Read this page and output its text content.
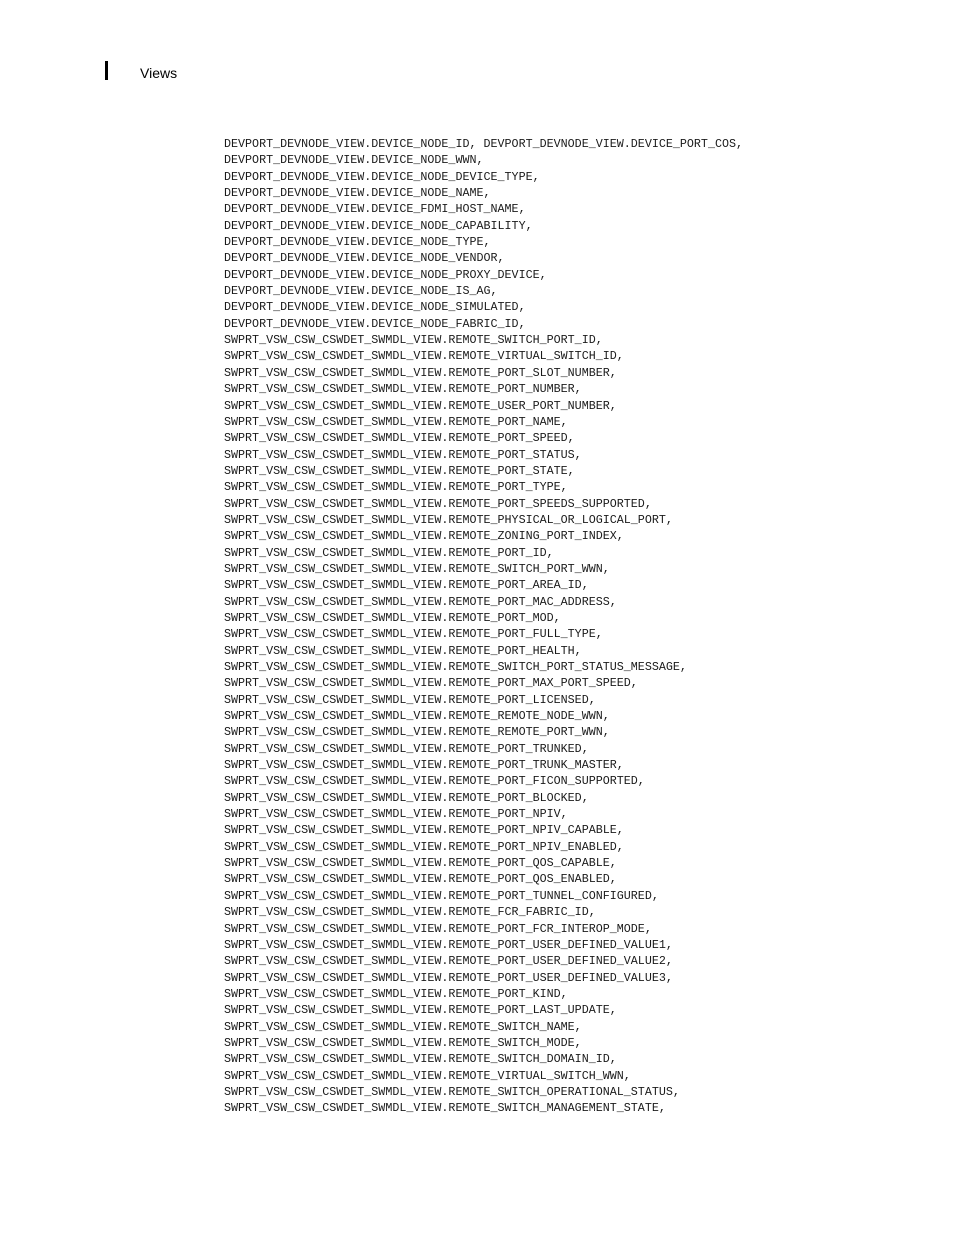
Views
DEVPORT_DEVNODE_VIEW.DEVICE_NODE_ID, DEVPORT_DEVNODE_VIEW.DEVICE_PORT_COS,
DEVPORT_DEVNODE_VIEW.DEVICE_NODE_WWN,
DEVPORT_DEVNODE_VIEW.DEVICE_NODE_DEVICE_TYPE,
DEVPORT_DEVNODE_VIEW.DEVICE_NODE_NAME,
DEVPORT_DEVNODE_VIEW.DEVICE_FDMI_HOST_NAME,
DEVPORT_DEVNODE_VIEW.DEVICE_NODE_CAPABILITY,
DEVPORT_DEVNODE_VIEW.DEVICE_NODE_TYPE,
DEVPORT_DEVNODE_VIEW.DEVICE_NODE_VENDOR,
DEVPORT_DEVNODE_VIEW.DEVICE_NODE_PROXY_DEVICE,
DEVPORT_DEVNODE_VIEW.DEVICE_NODE_IS_AG,
DEVPORT_DEVNODE_VIEW.DEVICE_NODE_SIMULATED,
DEVPORT_DEVNODE_VIEW.DEVICE_NODE_FABRIC_ID,
SWPRT_VSW_CSW_CSWDET_SWMDL_VIEW.REMOTE_SWITCH_PORT_ID,
SWPRT_VSW_CSW_CSWDET_SWMDL_VIEW.REMOTE_VIRTUAL_SWITCH_ID,
SWPRT_VSW_CSW_CSWDET_SWMDL_VIEW.REMOTE_PORT_SLOT_NUMBER,
SWPRT_VSW_CSW_CSWDET_SWMDL_VIEW.REMOTE_PORT_NUMBER,
SWPRT_VSW_CSW_CSWDET_SWMDL_VIEW.REMOTE_USER_PORT_NUMBER,
SWPRT_VSW_CSW_CSWDET_SWMDL_VIEW.REMOTE_PORT_NAME,
SWPRT_VSW_CSW_CSWDET_SWMDL_VIEW.REMOTE_PORT_SPEED,
SWPRT_VSW_CSW_CSWDET_SWMDL_VIEW.REMOTE_PORT_STATUS,
SWPRT_VSW_CSW_CSWDET_SWMDL_VIEW.REMOTE_PORT_STATE,
SWPRT_VSW_CSW_CSWDET_SWMDL_VIEW.REMOTE_PORT_TYPE,
SWPRT_VSW_CSW_CSWDET_SWMDL_VIEW.REMOTE_PORT_SPEEDS_SUPPORTED,
SWPRT_VSW_CSW_CSWDET_SWMDL_VIEW.REMOTE_PHYSICAL_OR_LOGICAL_PORT,
SWPRT_VSW_CSW_CSWDET_SWMDL_VIEW.REMOTE_ZONING_PORT_INDEX,
SWPRT_VSW_CSW_CSWDET_SWMDL_VIEW.REMOTE_PORT_ID,
SWPRT_VSW_CSW_CSWDET_SWMDL_VIEW.REMOTE_SWITCH_PORT_WWN,
SWPRT_VSW_CSW_CSWDET_SWMDL_VIEW.REMOTE_PORT_AREA_ID,
SWPRT_VSW_CSW_CSWDET_SWMDL_VIEW.REMOTE_PORT_MAC_ADDRESS,
SWPRT_VSW_CSW_CSWDET_SWMDL_VIEW.REMOTE_PORT_MOD,
SWPRT_VSW_CSW_CSWDET_SWMDL_VIEW.REMOTE_PORT_FULL_TYPE,
SWPRT_VSW_CSW_CSWDET_SWMDL_VIEW.REMOTE_PORT_HEALTH,
SWPRT_VSW_CSW_CSWDET_SWMDL_VIEW.REMOTE_SWITCH_PORT_STATUS_MESSAGE,
SWPRT_VSW_CSW_CSWDET_SWMDL_VIEW.REMOTE_PORT_MAX_PORT_SPEED,
SWPRT_VSW_CSW_CSWDET_SWMDL_VIEW.REMOTE_PORT_LICENSED,
SWPRT_VSW_CSW_CSWDET_SWMDL_VIEW.REMOTE_REMOTE_NODE_WWN,
SWPRT_VSW_CSW_CSWDET_SWMDL_VIEW.REMOTE_REMOTE_PORT_WWN,
SWPRT_VSW_CSW_CSWDET_SWMDL_VIEW.REMOTE_PORT_TRUNKED,
SWPRT_VSW_CSW_CSWDET_SWMDL_VIEW.REMOTE_PORT_TRUNK_MASTER,
SWPRT_VSW_CSW_CSWDET_SWMDL_VIEW.REMOTE_PORT_FICON_SUPPORTED,
SWPRT_VSW_CSW_CSWDET_SWMDL_VIEW.REMOTE_PORT_BLOCKED,
SWPRT_VSW_CSW_CSWDET_SWMDL_VIEW.REMOTE_PORT_NPIV,
SWPRT_VSW_CSW_CSWDET_SWMDL_VIEW.REMOTE_PORT_NPIV_CAPABLE,
SWPRT_VSW_CSW_CSWDET_SWMDL_VIEW.REMOTE_PORT_NPIV_ENABLED,
SWPRT_VSW_CSW_CSWDET_SWMDL_VIEW.REMOTE_PORT_QOS_CAPABLE,
SWPRT_VSW_CSW_CSWDET_SWMDL_VIEW.REMOTE_PORT_QOS_ENABLED,
SWPRT_VSW_CSW_CSWDET_SWMDL_VIEW.REMOTE_PORT_TUNNEL_CONFIGURED,
SWPRT_VSW_CSW_CSWDET_SWMDL_VIEW.REMOTE_FCR_FABRIC_ID,
SWPRT_VSW_CSW_CSWDET_SWMDL_VIEW.REMOTE_PORT_FCR_INTEROP_MODE,
SWPRT_VSW_CSW_CSWDET_SWMDL_VIEW.REMOTE_PORT_USER_DEFINED_VALUE1,
SWPRT_VSW_CSW_CSWDET_SWMDL_VIEW.REMOTE_PORT_USER_DEFINED_VALUE2,
SWPRT_VSW_CSW_CSWDET_SWMDL_VIEW.REMOTE_PORT_USER_DEFINED_VALUE3,
SWPRT_VSW_CSW_CSWDET_SWMDL_VIEW.REMOTE_PORT_KIND,
SWPRT_VSW_CSW_CSWDET_SWMDL_VIEW.REMOTE_PORT_LAST_UPDATE,
SWPRT_VSW_CSW_CSWDET_SWMDL_VIEW.REMOTE_SWITCH_NAME,
SWPRT_VSW_CSW_CSWDET_SWMDL_VIEW.REMOTE_SWITCH_MODE,
SWPRT_VSW_CSW_CSWDET_SWMDL_VIEW.REMOTE_SWITCH_DOMAIN_ID,
SWPRT_VSW_CSW_CSWDET_SWMDL_VIEW.REMOTE_VIRTUAL_SWITCH_WWN,
SWPRT_VSW_CSW_CSWDET_SWMDL_VIEW.REMOTE_SWITCH_OPERATIONAL_STATUS,
SWPRT_VSW_CSW_CSWDET_SWMDL_VIEW.REMOTE_SWITCH_MANAGEMENT_STATE,
